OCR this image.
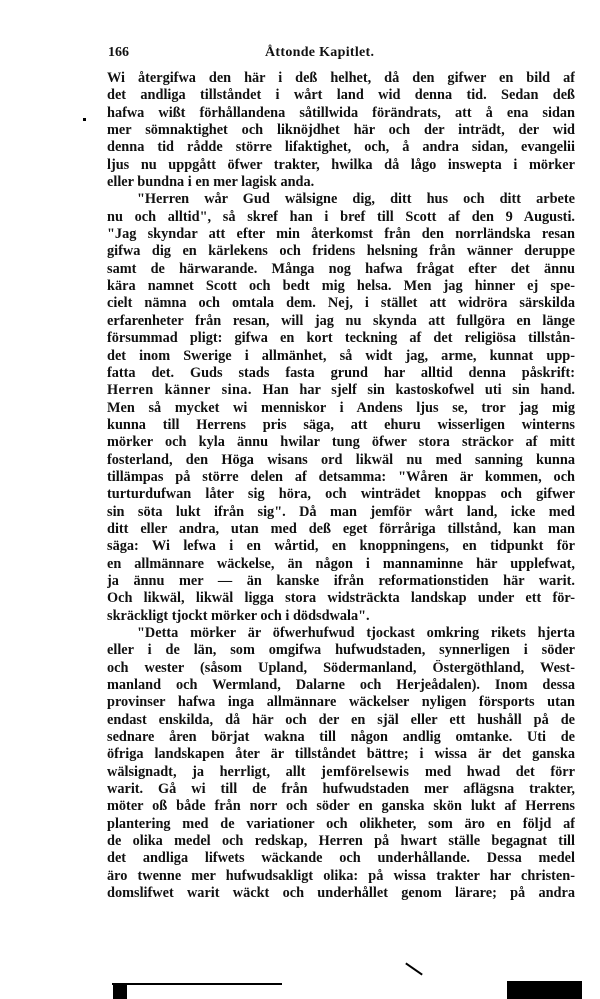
166	Åttonde Kapitlet.
Wi återgifwa den här i deß helhet, då den gifwer en bild af
det andliga tillståndet i wårt land wid denna tid. Sedan deß
hafwa wißt förhållandena såtillwida förändrats, att å ena sidan
mer sömnaktighet och liknöjdhet här och der inträdt, der wid
denna tid rådde större lifaktighet, och, å andra sidan, evangelii
ljus nu uppgått öfwer trakter, hwilka då lågo inswepta i mörker
eller bundna i en mer lagisk anda.
"Herren wår Gud wälsigne dig, ditt hus och ditt arbete
nu och alltid", så skref han i bref till Scott af den 9 Augusti.
"Jag skyndar att efter min återkomst från den norrländska resan
gifwa dig en kärlekens och fridens helsning från wänner deruppe
samt de härwarande. Många nog hafwa frågat efter det ännu
kära namnet Scott och bedt mig helsa. Men jag hinner ej spe-
cielt nämna och omtala dem. Nej, i stället att widröra särskilda
erfarenheter från resan, will jag nu skynda att fullgöra en länge
försummad pligt: gifwa en kort teckning af det religiösa tillstån-
det inom Swerige i allmänhet, så widt jag, arme, kunnat upp-
fatta det. Guds stads fasta grund har alltid denna påskrift:
Herren känner sina. Han har sjelf sin kastoskofwel uti sin hand.
Men så mycket wi menniskor i Andens ljus se, tror jag mig
kunna till Herrens pris säga, att ehuru wisserligen winterns
mörker och kyla ännu hwilar tung öfwer stora sträckor af mitt
fosterland, den Höga wisans ord likwäl nu med sanning kunna
tillämpas på större delen af detsamma: "Wåren är kommen, och
turturdufwan låter sig höra, och winträdet knoppas och gifwer
sin söta lukt ifrån sig". Då man jemför wårt land, icke med
ditt eller andra, utan med deß eget förråriga tillstånd, kan man
säga: Wi lefwa i en wårtid, en knoppningens, en tidpunkt för
en allmännare wäckelse, än någon i mannaminne här upplefwat,
ja ännu mer — än kanske ifrån reformationstiden här warit.
Och likwäl, likwäl ligga stora widsträckta landskap under ett för-
skräckligt tjockt mörker och i dödsdwala".
"Detta mörker är öfwerhufwud tjockast omkring rikets hjerta
eller i de län, som omgifwa hufwudstaden, synnerligen i söder
och wester (såsom Upland, Södermanland, Östergöthland, West-
manland och Wermland, Dalarne och Herjeådalen). Inom dessa
provinser hafwa inga allmännare wäckelser nyligen försports utan
endast enskilda, då här och der en själ eller ett hushåll på de
sednare åren börjat wakna till någon andlig omtanke. Uti de
öfriga landskapen åter är tillståndet bättre; i wissa är det ganska
wälsignadt, ja herrligt, allt jemförelsewis med hwad det förr
warit. Gå wi till de från hufwudstaden mer aflägsna trakter,
möter oß både från norr och söder en ganska skön lukt af Herrens
plantering med de variationer och olikheter, som äro en följd af
de olika medel och redskap, Herren på hwart ställe begagnat till
det andliga lifwets wäckande och underhållande. Dessa medel
äro twenne mer hufwudsakligt olika: på wissa trakter har christen-
domslifwet warit wäckt och underhållet genom lärare; på andra
